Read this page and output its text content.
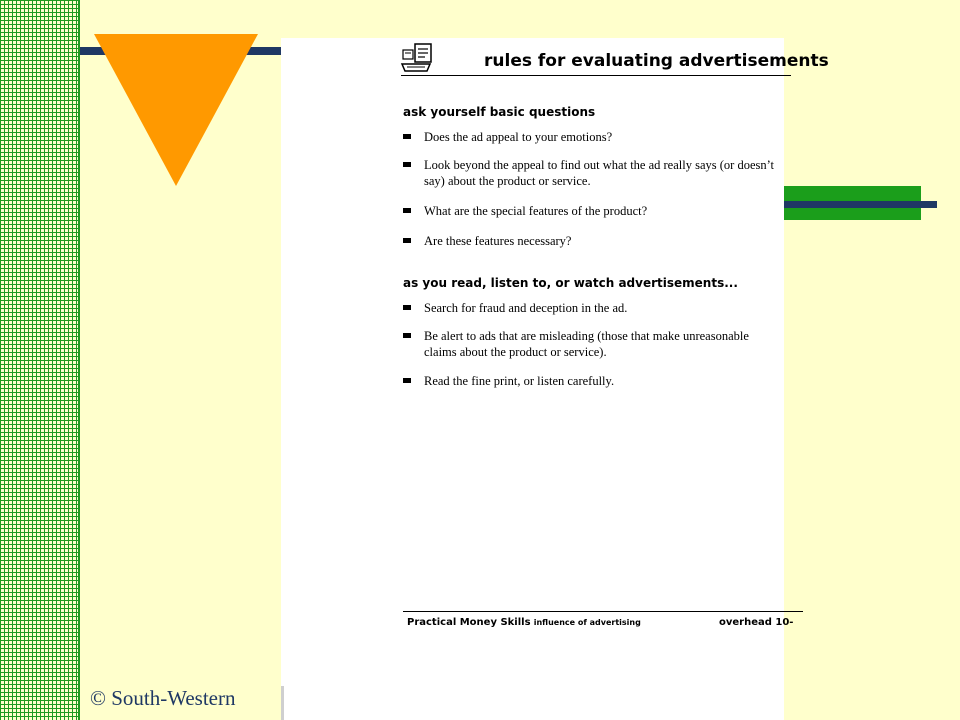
rules for evaluating advertisements
ask yourself basic questions
Does the ad appeal to your emotions?
Look beyond the appeal to find out what the ad really says (or doesn’t say) about the product or service.
What are the special features of the product?
Are these features necessary?
as you read, listen to, or watch advertisements...
Search for fraud and deception in the ad.
Be alert to ads that are misleading (those that make unreasonable claims about the product or service).
Read the fine print, or listen carefully.
Practical Money Skills influence of advertising	overhead 10-
© South-Western
